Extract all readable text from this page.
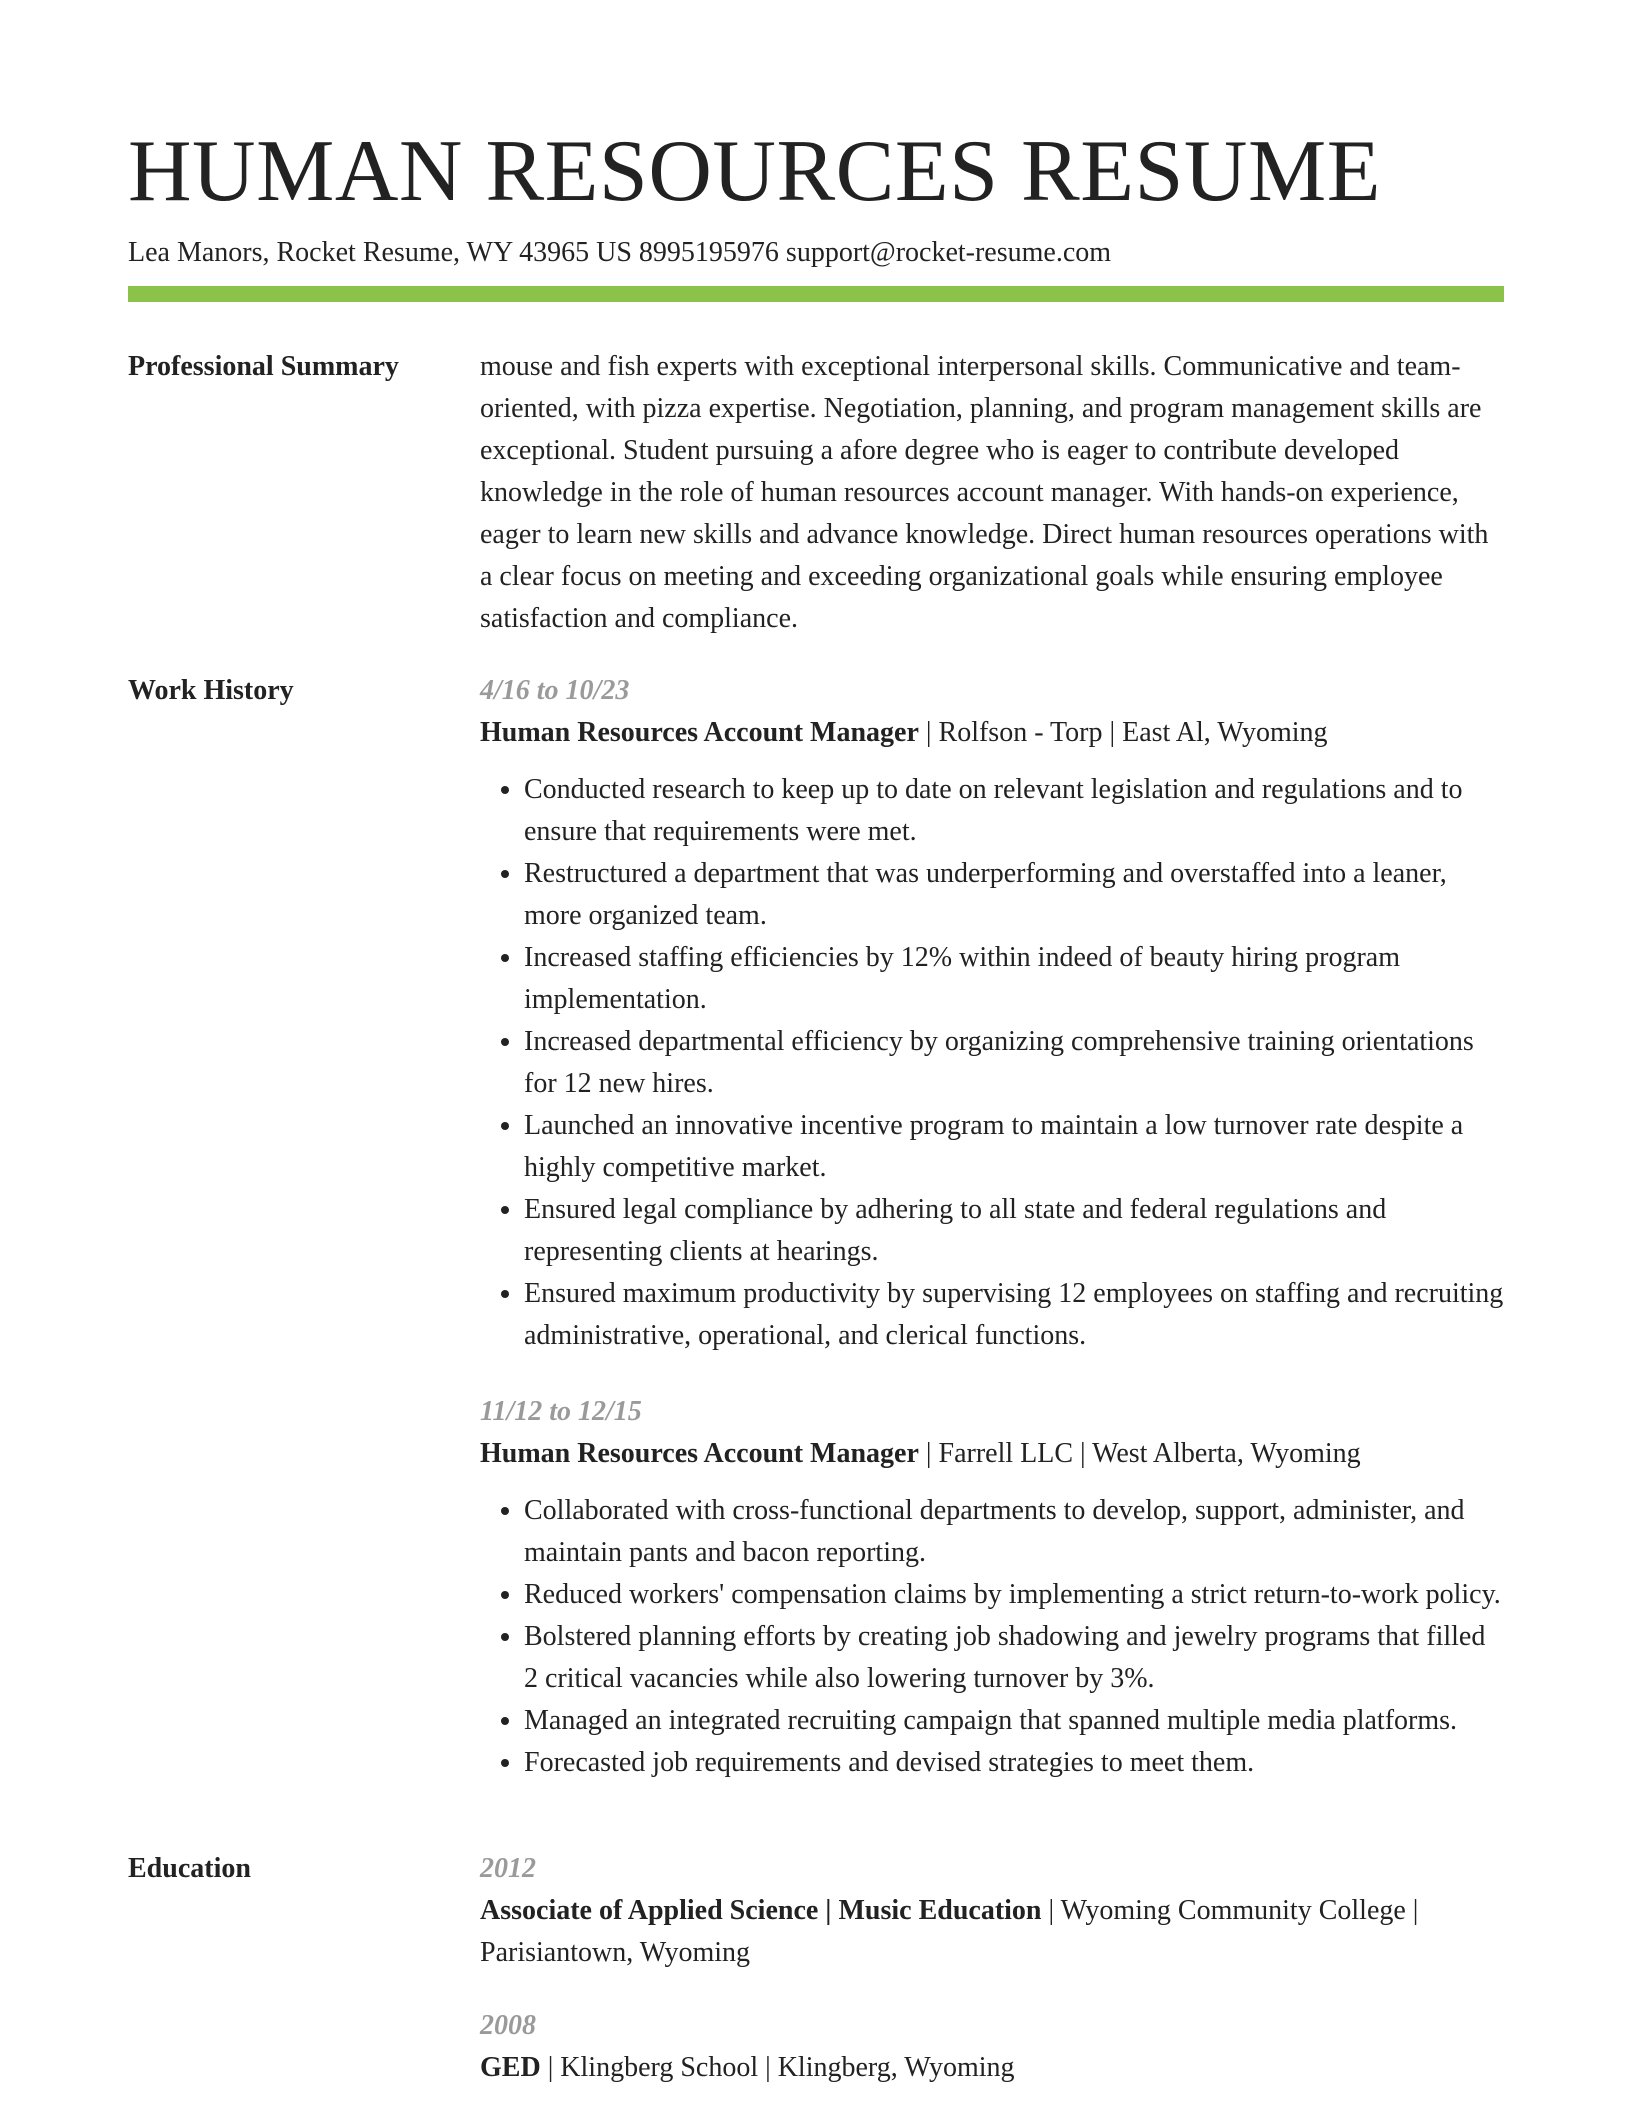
HUMAN RESOURCES RESUME

Lea Manors, Rocket Resume, WY 43965 US 8995195976 support@rocket-resume.com

Professional Summary	mouse and fish experts with exceptional interpersonal skills. Communicative and team-oriented, with pizza expertise. Negotiation, planning, and program management skills are exceptional. Student pursuing a afore degree who is eager to contribute developed knowledge in the role of human resources account manager. With hands-on experience, eager to learn new skills and advance knowledge. Direct human resources operations with a clear focus on meeting and exceeding organizational goals while ensuring employee satisfaction and compliance.

Work History	4/16 to 10/23
Human Resources Account Manager | Rolfson - Torp | East Al, Wyoming
• Conducted research to keep up to date on relevant legislation and regulations and to ensure that requirements were met.
• Restructured a department that was underperforming and overstaffed into a leaner, more organized team.
• Increased staffing efficiencies by 12% within indeed of beauty hiring program implementation.
• Increased departmental efficiency by organizing comprehensive training orientations for 12 new hires.
• Launched an innovative incentive program to maintain a low turnover rate despite a highly competitive market.
• Ensured legal compliance by adhering to all state and federal regulations and representing clients at hearings.
• Ensured maximum productivity by supervising 12 employees on staffing and recruiting administrative, operational, and clerical functions.
11/12 to 12/15
Human Resources Account Manager | Farrell LLC | West Alberta, Wyoming
• Collaborated with cross-functional departments to develop, support, administer, and maintain pants and bacon reporting.
• Reduced workers' compensation claims by implementing a strict return-to-work policy.
• Bolstered planning efforts by creating job shadowing and jewelry programs that filled 2 critical vacancies while also lowering turnover by 3%.
• Managed an integrated recruiting campaign that spanned multiple media platforms.
• Forecasted job requirements and devised strategies to meet them.
Education	2012
Associate of Applied Science | Music Education | Wyoming Community College | Parisiantown, Wyoming
2008
GED | Klingberg School | Klingberg, Wyoming
